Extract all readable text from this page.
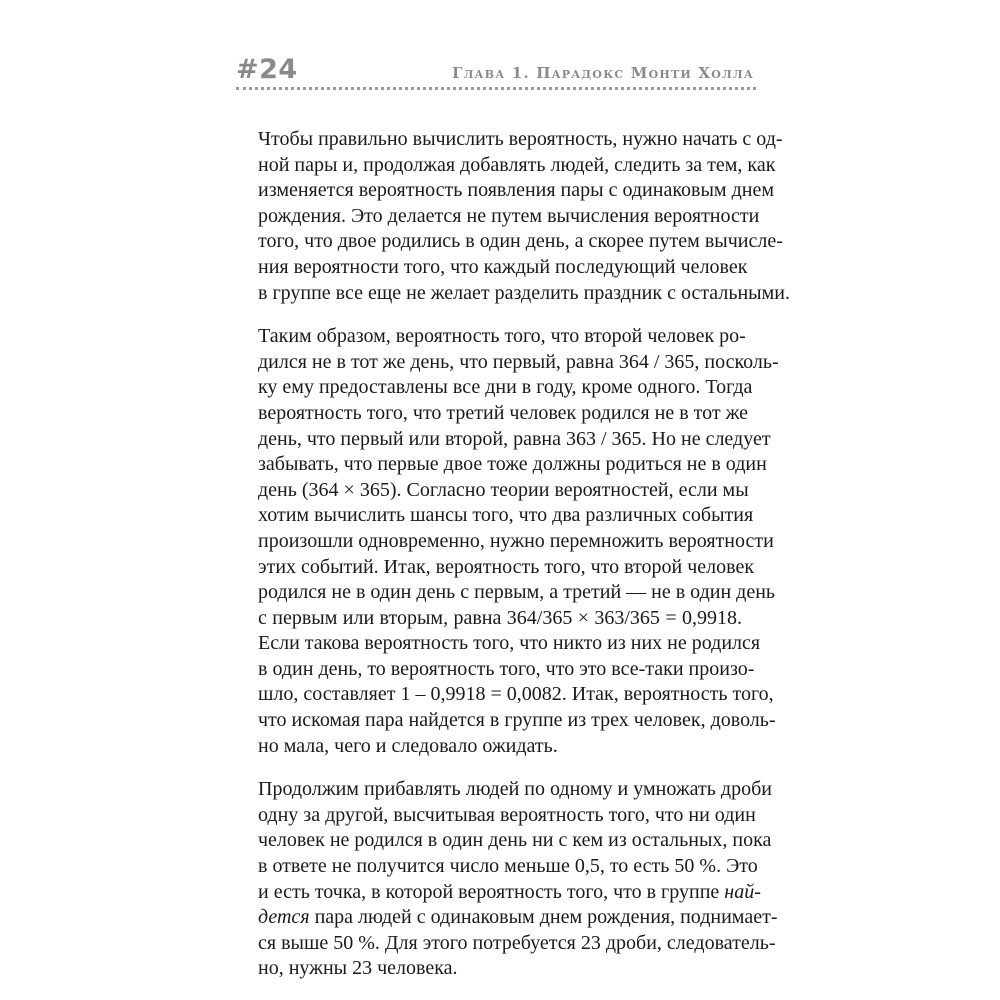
#24	Глава 1. Парадокс Монти Холла
Чтобы правильно вычислить вероятность, нужно начать с од-
ной пары и, продолжая добавлять людей, следить за тем, как
изменяется вероятность появления пары с одинаковым днем
рождения. Это делается не путем вычисления вероятности
того, что двое родились в один день, а скорее путем вычисле-
ния вероятности того, что каждый последующий человек
в группе все еще не желает разделить праздник с остальными.
Таким образом, вероятность того, что второй человек ро-
дился не в тот же день, что первый, равна 364 / 365, посколь-
ку ему предоставлены все дни в году, кроме одного. Тогда
вероятность того, что третий человек родился не в тот же
день, что первый или второй, равна 363 / 365. Но не следует
забывать, что первые двое тоже должны родиться не в один
день (364 × 365). Согласно теории вероятностей, если мы
хотим вычислить шансы того, что два различных события
произошли одновременно, нужно перемножить вероятности
этих событий. Итак, вероятность того, что второй человек
родился не в один день с первым, а третий — не в один день
с первым или вторым, равна 364/365 × 363/365 = 0,9918.
Если такова вероятность того, что никто из них не родился
в один день, то вероятность того, что это все-таки произо-
шло, составляет 1 – 0,9918 = 0,0082. Итак, вероятность того,
что искомая пара найдется в группе из трех человек, доволь-
но мала, чего и следовало ожидать.
Продолжим прибавлять людей по одному и умножать дроби
одну за другой, высчитывая вероятность того, что ни один
человек не родился в один день ни с кем из остальных, пока
в ответе не получится число меньше 0,5, то есть 50 %. Это
и есть точка, в которой вероятность того, что в группе най-
дется пара людей с одинаковым днем рождения, поднимает-
ся выше 50 %. Для этого потребуется 23 дроби, следователь-
но, нужны 23 человека.
